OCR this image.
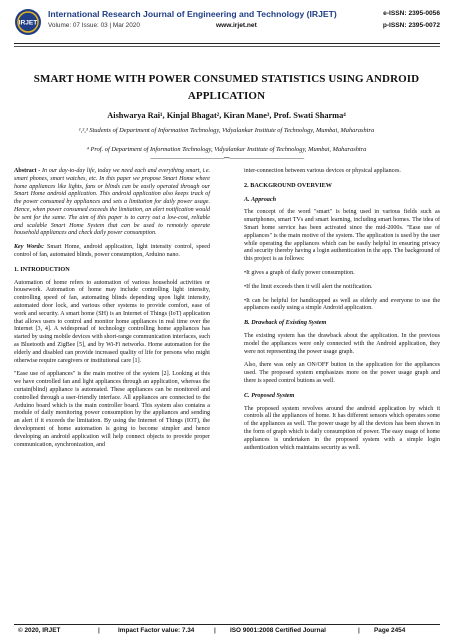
IRJET
International Research Journal of Engineering and Technology (IRJET)
Volume: 07 Issue: 03 | Mar 2020	www.irjet.net
e-ISSN: 2395-0056
p-ISSN: 2395-0072
SMART HOME WITH POWER CONSUMED STATISTICS USING ANDROID
APPLICATION
Aishwarya Rai¹, Kinjal Bhagat², Kiran Mane³, Prof. Swati Sharma⁴
¹,²,³ Students of Department of Information Technology, Vidyalankar Institute of Technology, Mumbai, Maharashtra
⁴ Prof. of Department of Information Technology, Vidyalankar Institute of Technology, Mumbai, Maharashtra
---------------------------------------------------------------------***----------------------------------------------------------------------

Abstract - In our day-to-day life, today we need each and everything smart, i.e. smart phones, smart watches, etc. In this paper we propose Smart Home where home appliances like lights, fans or blinds can be easily operated through our Smart Home android application. This android application also keeps track of the power consumed by appliances and sets a limitation for daily power usage. Hence, when power consumed exceeds the limitation, an alert notification would be sent for the same. The aim of this paper is to carry out a low-cost, reliable and scalable Smart Home System that can be used to remotely operate household appliances and check daily power consumption.

Key Words: Smart Home, android application, light intensity control, speed control of fan, automated blinds, power consumption, Arduino nano.

1. INTRODUCTION

Automation of home refers to automation of various household activities or housework. Automation of home may include controlling light intensity, controlling speed of fan, automating blinds depending upon light intensity, automated door lock, and various other systems to provide comfort, ease of work and security. A smart home (SH) is an Internet of Things (IoT) application that allows users to control and monitor home appliances in real time over the Internet [3, 4]. A widespread of technology controlling home appliances has started by using mobile devices with short-range communication interfaces, such as Bluetooth and ZigBee [5], and by Wi-Fi networks. Home automation for the elderly and disabled can provide increased quality of life for persons who might otherwise require caregivers or institutional care [1].

"Ease use of appliances" is the main motive of the system [2]. Looking at this we have controlled fan and light appliances through an application, whereas the curtain(blind) appliance is automated. These appliances can be monitored and controlled through a user-friendly interface. All appliances are connected to the Arduino board which is the main controller board. This system also contains a module of daily monitoring power consumption by the appliances and sending an alert if it exceeds the limitation. By using the Internet of Things (IOT), the development of home automation is going to become simpler and hence developing an android application will help connect objects to provide proper communication, synchronization, and

inter-connection between various devices or physical appliances.

2. BACKGROUND OVERVIEW
A. Approach

The concept of the word "smart" is being used in various fields such as smartphones, smart TVs and smart learning, including smart homes. The idea of Smart home service has been activated since the mid-2000s. "Ease use of appliances" is the main motive of the system. The application is used by the user while operating the appliances which can be easily helpful in ensuring privacy and security thereby having a login authentication in the app. The background of this project is as follows:

•It gives a graph of daily power consumption.

•If the limit exceeds then it will alert the notification.

•It can be helpful for handicapped as well as elderly and everyone to use the appliances easily using a simple Android application.

B. Drawback of Existing System

The existing system has the drawback about the application. In the previous model the appliances were only connected with the Android application, they were not representing the power usage graph.

Also, there was only an ON/OFF button in the application for the appliances used. The proposed system emphasizes more on the power usage graph and there is speed control buttons as well.

C. Proposed System

The proposed system revolves around the android application by which it controls all the appliances of home. It has different sensors which operates some of the appliances as well. The power usage by all the devices has been shown in the form of graph which is daily consumption of power. The easy usage of home appliances is undertaken in the proposed system with a simple login authentication which maintains security as well.

© 2020, IRJET	|	Impact Factor value: 7.34	| ISO 9001:2008 Certified Journal	| Page 2454
